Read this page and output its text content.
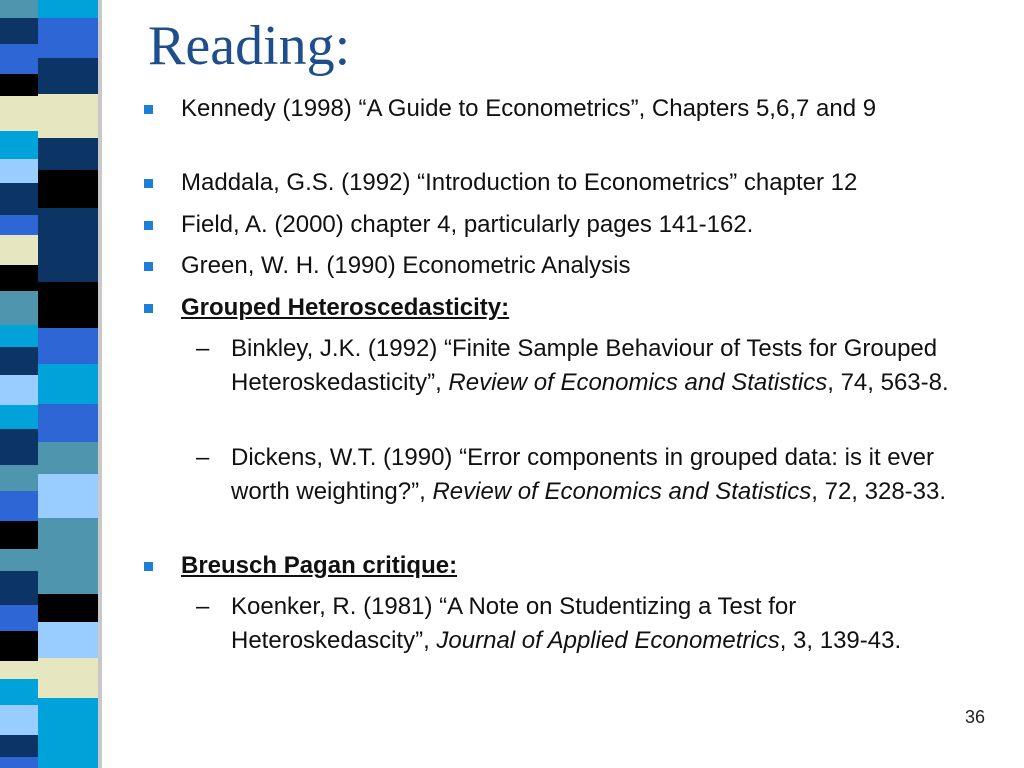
Reading:
Kennedy (1998) “A Guide to Econometrics”, Chapters 5,6,7 and 9
Maddala, G.S. (1992) “Introduction to Econometrics” chapter 12
Field, A. (2000) chapter 4, particularly pages 141-162.
Green, W. H. (1990) Econometric Analysis
Grouped Heteroscedasticity:
– Binkley, J.K. (1992) “Finite Sample Behaviour of Tests for Grouped Heteroskedasticity”, Review of Economics and Statistics, 74, 563-8.
– Dickens, W.T. (1990) “Error components in grouped data: is it ever worth weighting?”, Review of Economics and Statistics, 72, 328-33.
Breusch Pagan critique:
– Koenker, R. (1981) “A Note on Studentizing a Test for Heteroskedascity”, Journal of Applied Econometrics, 3, 139-43.
36
